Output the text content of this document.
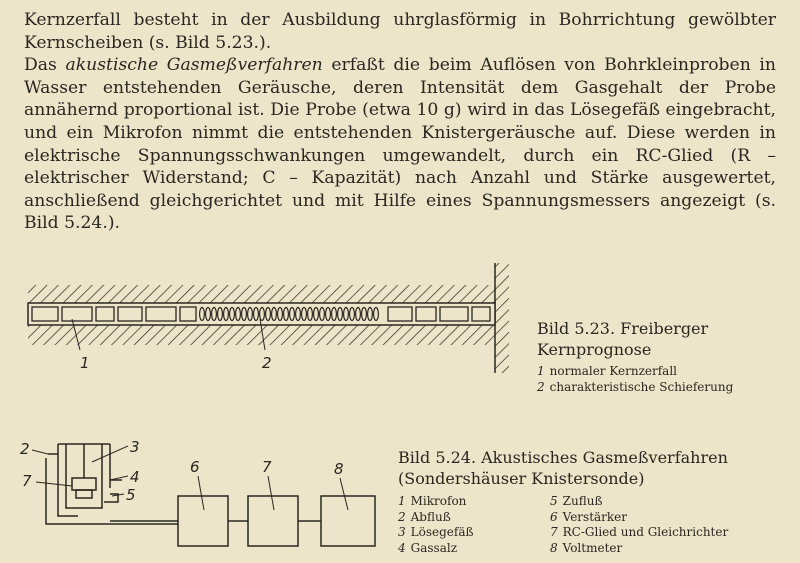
Kernzerfall besteht in der Ausbildung uhrglasförmig in Bohrrichtung gewölbter Kernscheiben (s. Bild 5.23.).

Das akustische Gasmeßverfahren erfaßt die beim Auflösen von Bohrkleinproben in Wasser entstehenden Geräusche, deren Intensität dem Gasgehalt der Probe annähernd proportional ist. Die Probe (etwa 10 g) wird in das Lösegefäß eingebracht, und ein Mikrofon nimmt die entstehenden Knistergeräusche auf. Diese werden in elektrische Spannungsschwankungen umgewandelt, durch ein RC-Glied (R – elektrischer Widerstand; C – Kapazität) nach Anzahl und Stärke ausgewertet, anschließend gleichgerichtet und mit Hilfe eines Spannungsmessers angezeigt (s. Bild 5.24.).

1	2
Bild 5.23. Freiberger Kernprognose
1 normaler Kernzerfall
2 charakteristische Schieferung
2	3
7	4
5
6	7	8
Bild 5.24. Akustisches Gasmeßverfahren
(Sondershäuser Knistersonde)
1 Mikrofon	5 Zufluß
2 Abfluß	6 Verstärker
3 Lösegefäß	7 RC-Glied und Gleichrichter
4 Gassalz	8 Voltmeter
